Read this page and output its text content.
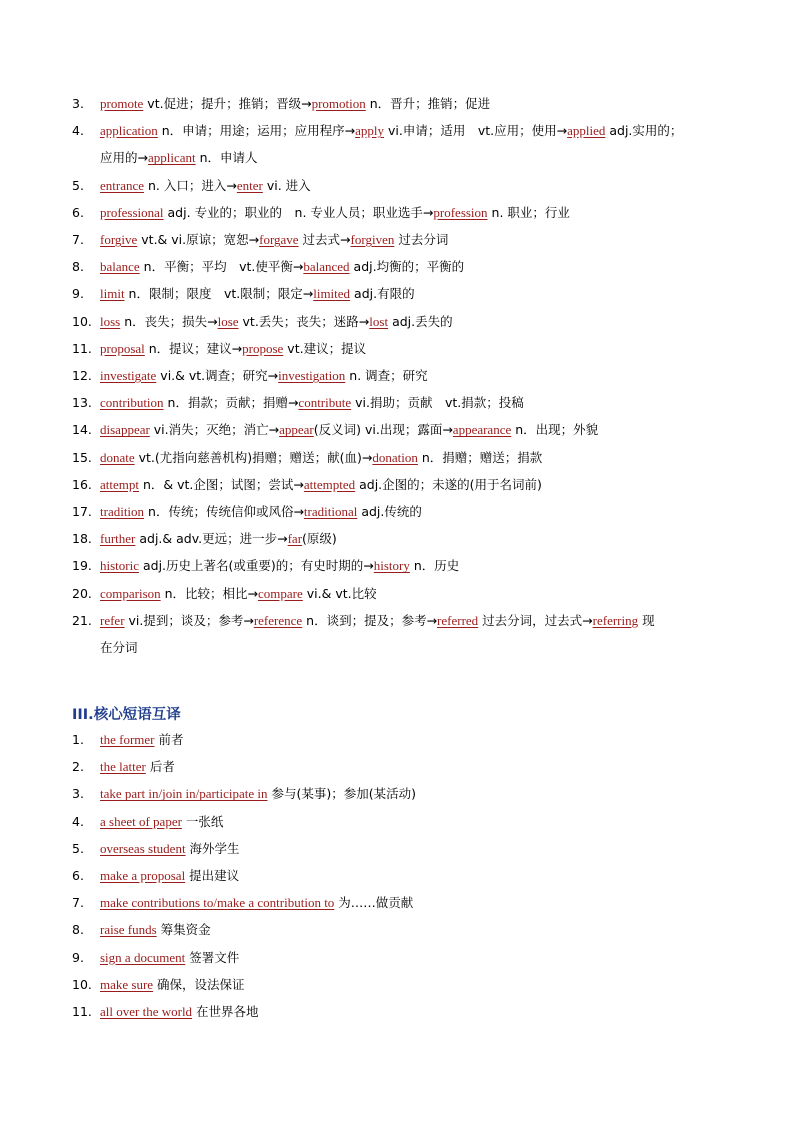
3.	promote vt.促进；提升；推销；晋级→promotion n．晋升；推销；促进
4.	application n．申请；用途；运用；应用程序→apply vi.申请；适用　vt.应用；使用→applied adj.实用的；
应用的→applicant n．申请人
5.	entrance n. 入口；进入→enter vi. 进入
6.	professional adj. 专业的；职业的　n. 专业人员；职业选手→profession n. 职业；行业
7.	forgive vt.& vi.原谅；宽恕→forgave 过去式→forgiven 过去分词
8.	balance n．平衡；平均　vt.使平衡→balanced adj.均衡的；平衡的
9.	limit n．限制；限度　vt.限制；限定→limited adj.有限的
10. loss n．丧失；损失→lose vt.丢失；丧失；迷路→lost adj.丢失的
11. proposal n．提议；建议→propose vt.建议；提议
12. investigate vi.& vt.调查；研究→investigation n. 调查；研究
13. contribution n．捐款；贡献；捐赠→contribute vi.捐助；贡献　vt.捐款；投稿
14. disappear vi.消失；灭绝；消亡→appear(反义词) vi.出现；露面→appearance n．出现；外貌
15. donate vt.(尤指向慈善机构)捐赠；赠送；献(血)→donation n．捐赠；赠送；捐款
16. attempt n．& vt.企图；试图；尝试→attempted adj.企图的；未遂的(用于名词前)
17. tradition n．传统；传统信仰或风俗→traditional adj.传统的
18. further adj.& adv.更远；进一步→far(原级)
19. historic adj.历史上著名(或重要)的；有史时期的→history n．历史
20. comparison n．比较；相比→compare vi.& vt.比较
21. refer vi.提到；谈及；参考→reference n．谈到；提及；参考→referred 过去分词，过去式→referring 现
在分词
III.核心短语互译
1.	the former 前者
2.	the latter 后者
3.	take part in/join in/participate in 参与(某事)；参加(某活动)
4.	a sheet of paper 一张纸
5.	overseas student 海外学生
6.	make a proposal 提出建议
7.	make contributions to/make a contribution to 为……做贡献
8.	raise funds 筹集资金
9.	sign a document 签署文件
10. make sure 确保，设法保证
11. all over the world 在世界各地
